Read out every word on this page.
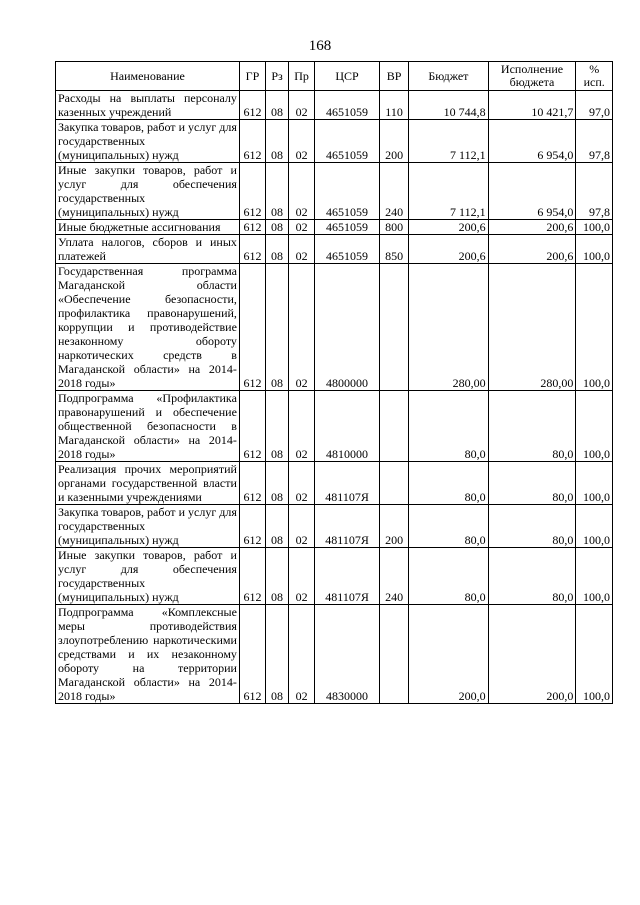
168
Наименование	ГР	Рз	Пр	ЦСР	ВР	Бюджет	Исполнение бюджета	% исп.
Расходы на выплаты персоналу казенных учреждений	612	08	02	4651059	110	10 744,8	10 421,7	97,0
Закупка товаров, работ и услуг для государственных (муниципальных) нужд	612	08	02	4651059	200	7 112,1	6 954,0	97,8
Иные закупки товаров, работ и услуг для обеспечения государственных (муниципальных) нужд	612	08	02	4651059	240	7 112,1	6 954,0	97,8
Иные бюджетные ассигнования	612	08	02	4651059	800	200,6	200,6	100,0
Уплата налогов, сборов и иных платежей	612	08	02	4651059	850	200,6	200,6	100,0
Государственная программа Магаданской области «Обеспечение безопасности, профилактика правонарушений, коррупции и противодействие незаконному обороту наркотических средств в Магаданской области» на 2014-2018 годы»	612	08	02	4800000		280,00	280,00	100,0
Подпрограмма «Профилактика правонарушений и обеспечение общественной безопасности в Магаданской области» на 2014-2018 годы»	612	08	02	4810000		80,0	80,0	100,0
Реализация прочих мероприятий органами государственной власти и казенными учреждениями	612	08	02	481107Я		80,0	80,0	100,0
Закупка товаров, работ и услуг для государственных (муниципальных) нужд	612	08	02	481107Я	200	80,0	80,0	100,0
Иные закупки товаров, работ и услуг для обеспечения государственных (муниципальных) нужд	612	08	02	481107Я	240	80,0	80,0	100,0
Подпрограмма «Комплексные меры противодействия злоупотреблению наркотическими средствами и их незаконному обороту на территории Магаданской области» на 2014-2018 годы»	612	08	02	4830000		200,0	200,0	100,0
